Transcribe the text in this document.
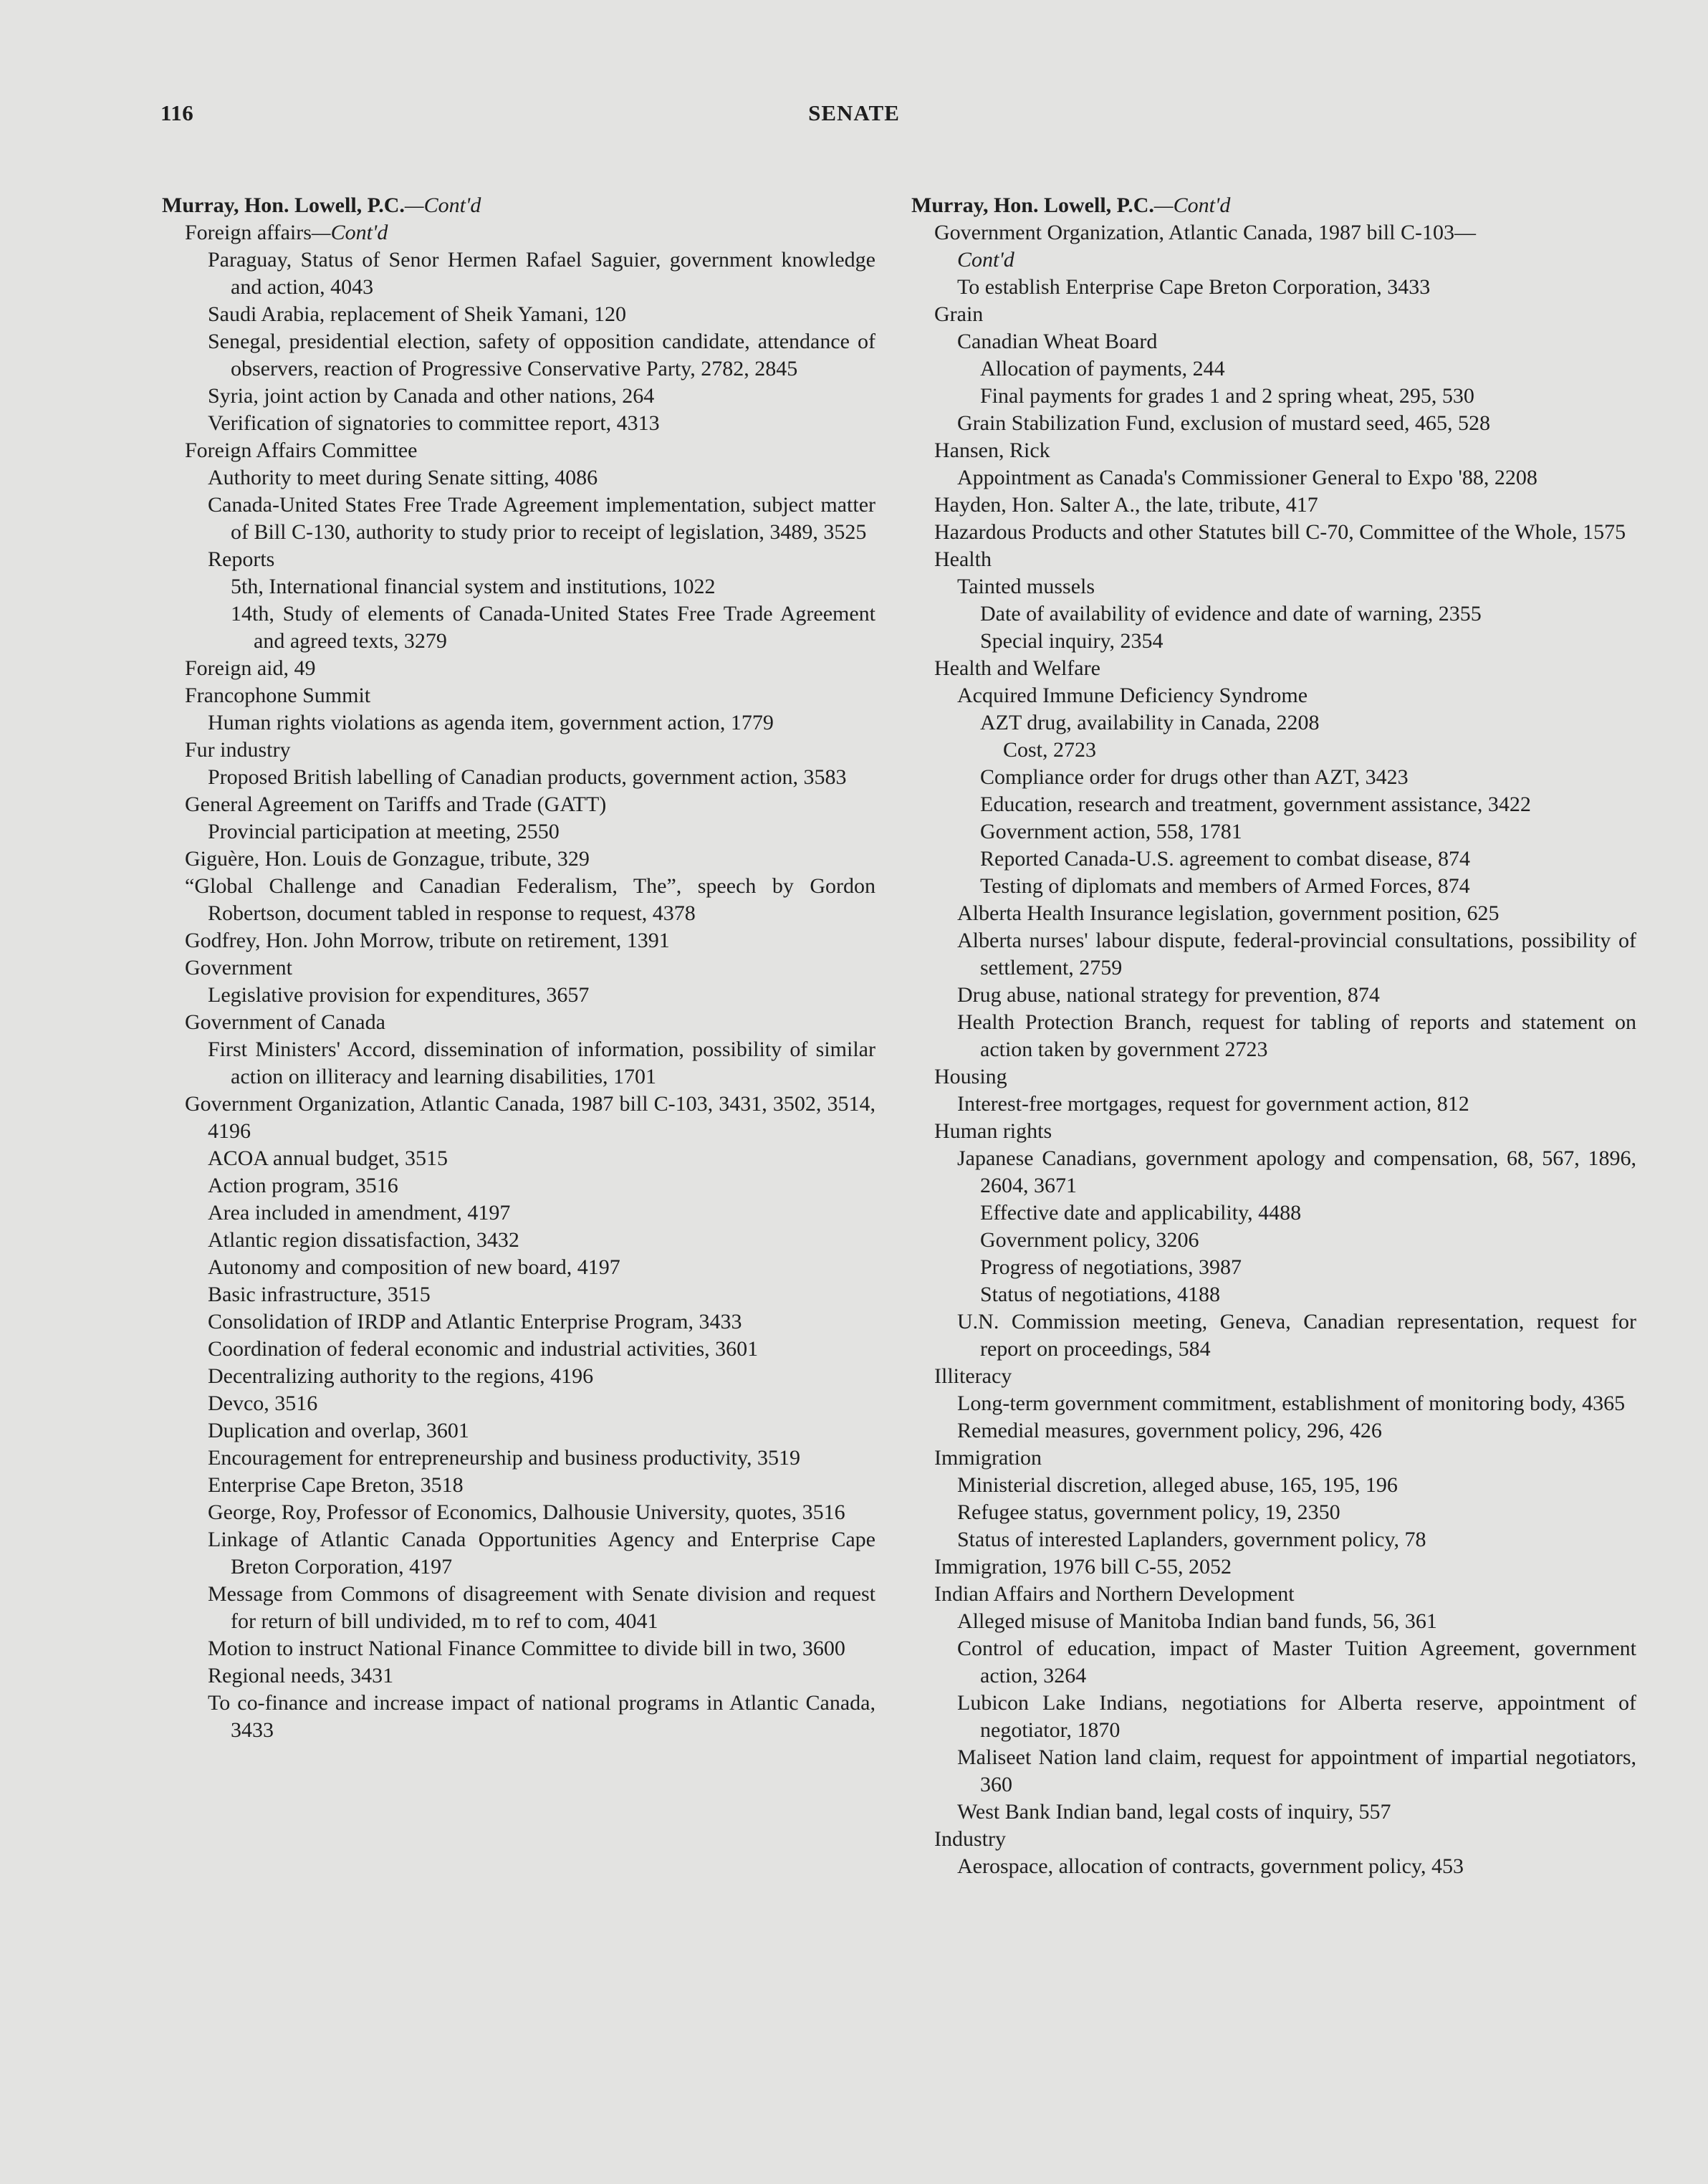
116	SENATE
Murray, Hon. Lowell, P.C.—Cont'd
Foreign affairs—Cont'd
Paraguay, Status of Senor Hermen Rafael Saguier, government knowledge and action, 4043
Saudi Arabia, replacement of Sheik Yamani, 120
Senegal, presidential election, safety of opposition candidate, attendance of observers, reaction of Progressive Conservative Party, 2782, 2845
Syria, joint action by Canada and other nations, 264
Verification of signatories to committee report, 4313
Foreign Affairs Committee
Authority to meet during Senate sitting, 4086
Canada-United States Free Trade Agreement implementation, subject matter of Bill C-130, authority to study prior to receipt of legislation, 3489, 3525
Reports
5th, International financial system and institutions, 1022
14th, Study of elements of Canada-United States Free Trade Agreement and agreed texts, 3279
Foreign aid, 49
Francophone Summit
Human rights violations as agenda item, government action, 1779
Fur industry
Proposed British labelling of Canadian products, government action, 3583
General Agreement on Tariffs and Trade (GATT)
Provincial participation at meeting, 2550
Giguère, Hon. Louis de Gonzague, tribute, 329
“Global Challenge and Canadian Federalism, The”, speech by Gordon Robertson, document tabled in response to request, 4378
Godfrey, Hon. John Morrow, tribute on retirement, 1391
Government
Legislative provision for expenditures, 3657
Government of Canada
First Ministers' Accord, dissemination of information, possibility of similar action on illiteracy and learning disabilities, 1701
Government Organization, Atlantic Canada, 1987 bill C-103, 3431, 3502, 3514, 4196
ACOA annual budget, 3515
Action program, 3516
Area included in amendment, 4197
Atlantic region dissatisfaction, 3432
Autonomy and composition of new board, 4197
Basic infrastructure, 3515
Consolidation of IRDP and Atlantic Enterprise Program, 3433
Coordination of federal economic and industrial activities, 3601
Decentralizing authority to the regions, 4196
Devco, 3516
Duplication and overlap, 3601
Encouragement for entrepreneurship and business productivity, 3519
Enterprise Cape Breton, 3518
George, Roy, Professor of Economics, Dalhousie University, quotes, 3516
Linkage of Atlantic Canada Opportunities Agency and Enterprise Cape Breton Corporation, 4197
Message from Commons of disagreement with Senate division and request for return of bill undivided, m to ref to com, 4041
Motion to instruct National Finance Committee to divide bill in two, 3600
Regional needs, 3431
To co-finance and increase impact of national programs in Atlantic Canada, 3433
Murray, Hon. Lowell, P.C.—Cont'd
Government Organization, Atlantic Canada, 1987 bill C-103—
Cont'd
To establish Enterprise Cape Breton Corporation, 3433
Grain
Canadian Wheat Board
Allocation of payments, 244
Final payments for grades 1 and 2 spring wheat, 295, 530
Grain Stabilization Fund, exclusion of mustard seed, 465, 528
Hansen, Rick
Appointment as Canada's Commissioner General to Expo '88, 2208
Hayden, Hon. Salter A., the late, tribute, 417
Hazardous Products and other Statutes bill C-70, Committee of the Whole, 1575
Health
Tainted mussels
Date of availability of evidence and date of warning, 2355
Special inquiry, 2354
Health and Welfare
Acquired Immune Deficiency Syndrome
AZT drug, availability in Canada, 2208
Cost, 2723
Compliance order for drugs other than AZT, 3423
Education, research and treatment, government assistance, 3422
Government action, 558, 1781
Reported Canada-U.S. agreement to combat disease, 874
Testing of diplomats and members of Armed Forces, 874
Alberta Health Insurance legislation, government position, 625
Alberta nurses' labour dispute, federal-provincial consultations, possibility of settlement, 2759
Drug abuse, national strategy for prevention, 874
Health Protection Branch, request for tabling of reports and statement on action taken by government 2723
Housing
Interest-free mortgages, request for government action, 812
Human rights
Japanese Canadians, government apology and compensation, 68, 567, 1896, 2604, 3671
Effective date and applicability, 4488
Government policy, 3206
Progress of negotiations, 3987
Status of negotiations, 4188
U.N. Commission meeting, Geneva, Canadian representation, request for report on proceedings, 584
Illiteracy
Long-term government commitment, establishment of monitoring body, 4365
Remedial measures, government policy, 296, 426
Immigration
Ministerial discretion, alleged abuse, 165, 195, 196
Refugee status, government policy, 19, 2350
Status of interested Laplanders, government policy, 78
Immigration, 1976 bill C-55, 2052
Indian Affairs and Northern Development
Alleged misuse of Manitoba Indian band funds, 56, 361
Control of education, impact of Master Tuition Agreement, government action, 3264
Lubicon Lake Indians, negotiations for Alberta reserve, appointment of negotiator, 1870
Maliseet Nation land claim, request for appointment of impartial negotiators, 360
West Bank Indian band, legal costs of inquiry, 557
Industry
Aerospace, allocation of contracts, government policy, 453
